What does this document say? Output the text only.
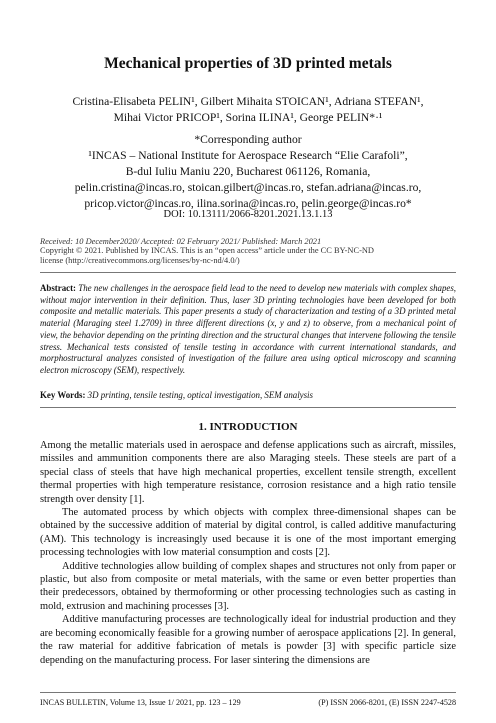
Mechanical properties of 3D printed metals
Cristina-Elisabeta PELIN¹, Gilbert Mihaita STOICAN¹, Adriana STEFAN¹,
Mihai Victor PRICOP¹, Sorina ILINA¹, George PELIN*·¹
*Corresponding author
¹INCAS – National Institute for Aerospace Research “Elie Carafoli”,
B-dul Iuliu Maniu 220, Bucharest 061126, Romania,
pelin.cristina@incas.ro, stoican.gilbert@incas.ro, stefan.adriana@incas.ro,
pricop.victor@incas.ro, ilina.sorina@incas.ro, pelin.george@incas.ro*
DOI: 10.13111/2066-8201.2021.13.1.13
Received: 10 December2020/ Accepted: 02 February 2021/ Published: March 2021
Copyright © 2021. Published by INCAS. This is an “open access” article under the CC BY-NC-ND
license (http://creativecommons.org/licenses/by-nc-nd/4.0/)
Abstract: The new challenges in the aerospace field lead to the need to develop new materials with complex shapes, without major intervention in their definition. Thus, laser 3D printing technologies have been developed for both composite and metallic materials. This paper presents a study of characterization and testing of a 3D printed metal material (Maraging steel 1.2709) in three different directions (x, y and z) to observe, from a mechanical point of view, the behavior depending on the printing direction and the structural changes that intervene following the tensile stress. Mechanical tests consisted of tensile testing in accordance with current international standards, and morphostructural analyzes consisted of investigation of the failure area using optical microscopy and scanning electron microscopy (SEM), respectively.
Key Words: 3D printing, tensile testing, optical investigation, SEM analysis
1. INTRODUCTION

Among the metallic materials used in aerospace and defense applications such as aircraft, missiles, missiles and ammunition components there are also Maraging steels. These steels are part of a special class of steels that have high mechanical properties, excellent tensile strength, excellent thermal properties with high temperature resistance, corrosion resistance and a high ratio tensile strength over density [1].

The automated process by which objects with complex three-dimensional shapes can be obtained by the successive addition of material by digital control, is called additive manufacturing (AM). This technology is increasingly used because it is one of the most important emerging processing technologies with low material consumption and costs [2].

Additive technologies allow building of complex shapes and structures not only from paper or plastic, but also from composite or metal materials, with the same or even better properties than their predecessors, obtained by thermoforming or other processing technologies such as casting in mold, extrusion and machining processes [3].

Additive manufacturing processes are technologically ideal for industrial production and they are becoming economically feasible for a growing number of aerospace applications [2]. In general, the raw material for additive fabrication of metals is powder [3] with specific particle size depending on the manufacturing process. For laser sintering the dimensions are

INCAS BULLETIN, Volume 13, Issue 1/ 2021, pp. 123 – 129	(P) ISSN 2066-8201, (E) ISSN 2247-4528
